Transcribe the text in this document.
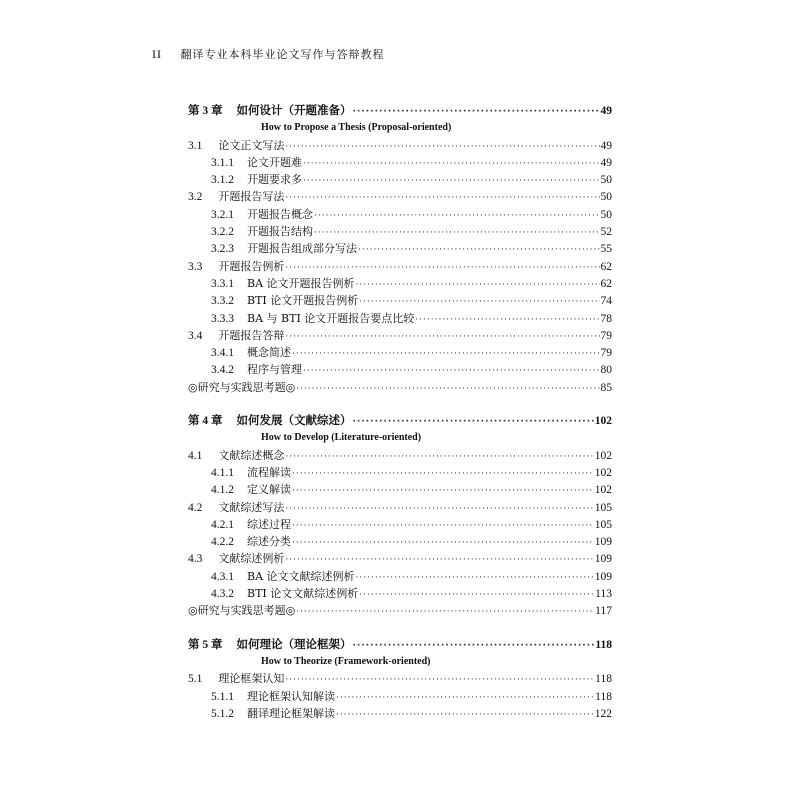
II 翻译专业本科毕业论文写作与答辩教程
第 3 章 如何设计（开题准备） ·····	49
How to Propose a Thesis (Proposal-oriented)
3.1 论文正文写法 ·····	49
3.1.1 论文开题难 ·····	49
3.1.2 开题要求多 ·····	50
3.2 开题报告写法 ·····	50
3.2.1 开题报告概念 ·····	50
3.2.2 开题报告结构 ·····	52
3.2.3 开题报告组成部分写法 ·····	55
3.3 开题报告例析 ·····	62
3.3.1 BA 论文开题报告例析 ·····	62
3.3.2 BTI 论文开题报告例析 ·····	74
3.3.3 BA 与 BTI 论文开题报告要点比较 ·····	78
3.4 开题报告答辩 ·····	79
3.4.1 概念简述 ·····	79
3.4.2 程序与管理 ·····	80
◎研究与实践思考题◎ ·····	85
第 4 章 如何发展（文献综述） ·····	102
How to Develop (Literature-oriented)
4.1 文献综述概念 ·····	102
4.1.1 流程解读 ·····	102
4.1.2 定义解读 ·····	102
4.2 文献综述写法 ·····	105
4.2.1 综述过程 ·····	105
4.2.2 综述分类 ·····	109
4.3 文献综述例析 ·····	109
4.3.1 BA 论文文献综述例析 ·····	109
4.3.2 BTI 论文文献综述例析 ·····	113
◎研究与实践思考题◎ ·····	117
第 5 章 如何理论（理论框架） ·····	118
How to Theorize (Framework-oriented)
5.1 理论框架认知 ·····	118
5.1.1 理论框架认知解读 ·····	118
5.1.2 翻译理论框架解读 ·····	122
